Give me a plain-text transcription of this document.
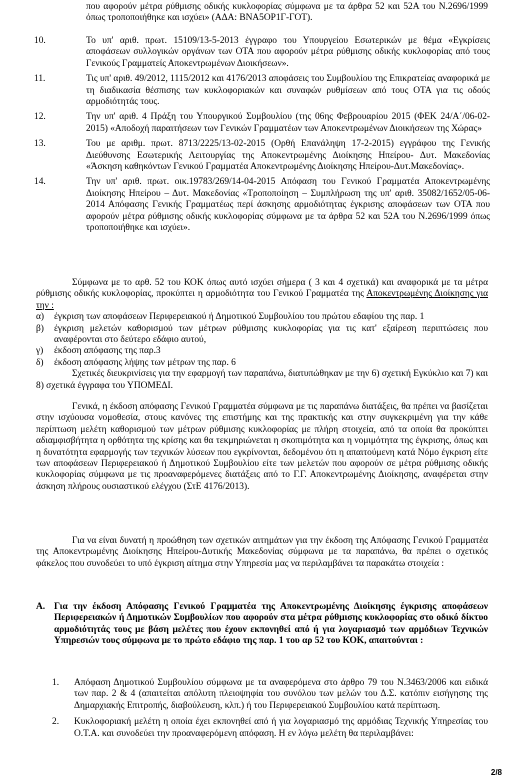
που αφορούν μέτρα ρύθμισης οδικής κυκλοφορίας σύμφωνα με τα άρθρα 52 και 52Α του Ν.2696/1999 όπως τροποποιήθηκε και ισχύει» (ΑΔΑ: ΒΝΑ5ΟΡ1Γ-ΓΟΤ).

10.	Το υπ' αριθ. πρωτ. 15109/13-5-2013 έγγραφο του Υπουργείου Εσωτερικών με θέμα «Εγκρίσεις αποφάσεων συλλογικών οργάνων των ΟΤΑ που αφορούν μέτρα ρύθμισης οδικής κυκλοφορίας από τους Γενικούς Γραμματείς Αποκεντρωμένων Διοικήσεων».
11.	Τις υπ' αριθ. 49/2012, 1115/2012 και 4176/2013 αποφάσεις του Συμβουλίου της Επικρατείας αναφορικά με τη διαδικασία θέσπισης των κυκλοφοριακών και συναφών ρυθμίσεων από τους ΟΤΑ για τις οδούς αρμοδιότητάς τους.
12.	Την υπ' αριθ. 4 Πράξη του Υπουργικού Συμβουλίου (της 06ης Φεβρουαρίου 2015 (ΦΕΚ 24/Α΄/06-02-2015) «Αποδοχή παραιτήσεων των Γενικών Γραμματέων των Αποκεντρωμένων Διοικήσεων της Χώρας»
13.	Του με αριθμ. πρωτ. 8713/2225/13-02-2015 (Ορθή Επανάληψη 17-2-2015) εγγράφου της Γενικής Διεύθυνσης Εσωτερικής Λειτουργίας της Αποκεντρωμένης Διοίκησης Ηπείρου- Δυτ. Μακεδονίας «Άσκηση καθηκόντων Γενικού Γραμματέα Αποκεντρωμένης Διοίκησης Ηπείρου-Δυτ.Μακεδονίας».
14.	Την υπ' αριθ. πρωτ. οικ.19783/269/14-04-2015 Απόφαση του Γενικού Γραμματέα Αποκεντρωμένης Διοίκησης Ηπείρου – Δυτ. Μακεδονίας «Τροποποίηση – Συμπλήρωση της υπ' αριθ. 35082/1652/05-06-2014 Απόφασης Γενικής Γραμματέως περί άσκησης αρμοδιότητας έγκρισης αποφάσεων των ΟΤΑ που αφορούν μέτρα ρύθμισης οδικής κυκλοφορίας σύμφωνα με τα άρθρα 52 και 52Α του Ν.2696/1999 όπως τροποποιήθηκε και ισχύει».

Σύμφωνα με το αρθ. 52 του ΚΟΚ όπως αυτό ισχύει σήμερα ( 3 και 4 σχετικά) και αναφορικά με τα μέτρα ρύθμισης οδικής κυκλοφορίας, προκύπτει η αρμοδιότητα του Γενικού Γραμματέα της Αποκεντρωμένης Διοίκησης για την :

α)	έγκριση των αποφάσεων Περιφερειακού ή Δημοτικού Συμβουλίου του πρώτου εδαφίου της παρ. 1
β)	έγκριση μελετών καθορισμού των μέτρων ρύθμισης κυκλοφορίας για τις κατ' εξαίρεση περιπτώσεις που αναφέρονται στο δεύτερο εδάφιο αυτού,
γ)	έκδοση απόφασης της παρ.3
δ)	έκδοση απόφασης λήψης των μέτρων της παρ. 6

Σχετικές διευκρινίσεις για την εφαρμογή των παραπάνω, διατυπώθηκαν με την 6) σχετική Εγκύκλιο και 7) και 8) σχετικά έγγραφα του ΥΠΟΜΕΔΙ.

Γενικά, η έκδοση απόφασης Γενικού Γραμματέα σύμφωνα με τις παραπάνω διατάξεις, θα πρέπει να βασίζεται στην ισχύουσα νομοθεσία, στους κανόνες της επιστήμης και της πρακτικής και στην συγκεκριμένη για την κάθε περίπτωση μελέτη καθορισμού των μέτρων ρύθμισης κυκλοφορίας με πλήρη στοιχεία, από τα οποία θα προκύπτει αδιαμφισβήτητα η ορθότητα της κρίσης και θα τεκμηριώνεται η σκοπιμότητα και η νομιμότητα της έγκρισης, όπως και η δυνατότητα εφαρμογής των τεχνικών λύσεων που εγκρίνονται, δεδομένου ότι η απαιτούμενη κατά Νόμο έγκριση είτε των αποφάσεων Περιφερειακού ή Δημοτικού Συμβουλίου είτε των μελετών που αφορούν σε μέτρα ρύθμισης οδικής κυκλοφορίας σύμφωνα με τις προαναφερόμενες διατάξεις από το Γ.Γ. Αποκεντρωμένης Διοίκησης, αναφέρεται στην άσκηση πλήρους ουσιαστικού ελέγχου (ΣτΕ 4176/2013).

Για να είναι δυνατή η προώθηση των σχετικών αιτημάτων για την έκδοση της Απόφασης Γενικού Γραμματέα της Αποκεντρωμένης Διοίκησης Ηπείρου-Δυτικής Μακεδονίας σύμφωνα με τα παραπάνω, θα πρέπει ο σχετικός φάκελος που συνοδεύει το υπό έγκριση αίτημα στην Υπηρεσία μας να περιλαμβάνει τα παρακάτω στοιχεία :

Α. Για την έκδοση Απόφασης Γενικού Γραμματέα της Αποκεντρωμένης Διοίκησης έγκρισης αποφάσεων Περιφερειακών ή Δημοτικών Συμβουλίων που αφορούν στα μέτρα ρύθμισης κυκλοφορίας στο οδικό δίκτυο αρμοδιότητάς τους με βάση μελέτες που έχουν εκπονηθεί από ή για λογαριασμό των αρμόδιων Τεχνικών Υπηρεσιών τους σύμφωνα με το πρώτο εδάφιο της παρ. 1 του αρ 52 του ΚΟΚ, απαιτούνται :
1.	Απόφαση Δημοτικού Συμβουλίου σύμφωνα με τα αναφερόμενα στο άρθρο 79 του Ν.3463/2006 και ειδικά των παρ. 2 & 4 (απαιτείται απόλυτη πλειοψηφία του συνόλου των μελών του Δ.Σ. κατόπιν εισήγησης της Δημαρχιακής Επιτροπής, διαβούλευση, κλπ.) ή του Περιφερειακού Συμβουλίου κατά περίπτωση.
2.	Κυκλοφοριακή μελέτη η οποία έχει εκπονηθεί από ή για λογαριασμό της αρμόδιας Τεχνικής Υπηρεσίας του Ο.Τ.Α. και συνοδεύει την προαναφερόμενη απόφαση. Η εν λόγω μελέτη θα περιλαμβάνει:
2/8
